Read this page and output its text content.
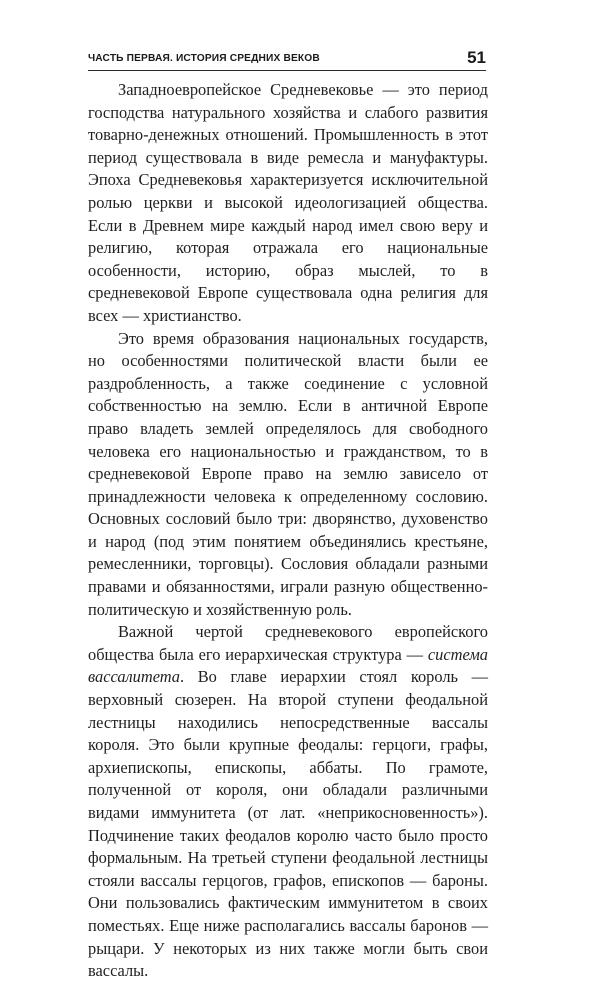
ЧАСТЬ ПЕРВАЯ. ИСТОРИЯ СРЕДНИХ ВЕКОВ	51

Западноевропейское Средневековье — это период господства натурального хозяйства и слабого развития товарно-денежных отношений. Промышленность в этот период существовала в виде ремесла и мануфактуры. Эпоха Средневековья характеризуется исключительной ролью церкви и высокой идеологизацией общества. Если в Древнем мире каждый народ имел свою веру и религию, которая отражала его национальные особенности, историю, образ мыслей, то в средневековой Европе существовала одна религия для всех — христианство.

Это время образования национальных государств, но особенностями политической власти были ее раздробленность, а также соединение с условной собственностью на землю. Если в античной Европе право владеть землей определялось для свободного человека его национальностью и гражданством, то в средневековой Европе право на землю зависело от принадлежности человека к определенному сословию. Основных сословий было три: дворянство, духовенство и народ (под этим понятием объединялись крестьяне, ремесленники, торговцы). Сословия обладали разными правами и обязанностями, играли разную общественно-политическую и хозяйственную роль.

Важной чертой средневекового европейского общества была его иерархическая структура — система вассалитета. Во главе иерархии стоял король — верховный сюзерен. На второй ступени феодальной лестницы находились непосредственные вассалы короля. Это были крупные феодалы: герцоги, графы, архиепископы, епископы, аббаты. По грамоте, полученной от короля, они обладали различными видами иммунитета (от лат. «неприкосновенность»). Подчинение таких феодалов королю часто было просто формальным. На третьей ступени феодальной лестницы стояли вассалы герцогов, графов, епископов — бароны. Они пользовались фактическим иммунитетом в своих поместьях. Еще ниже располагались вассалы баронов — рыцари. У некоторых из них также могли быть свои вассалы.
